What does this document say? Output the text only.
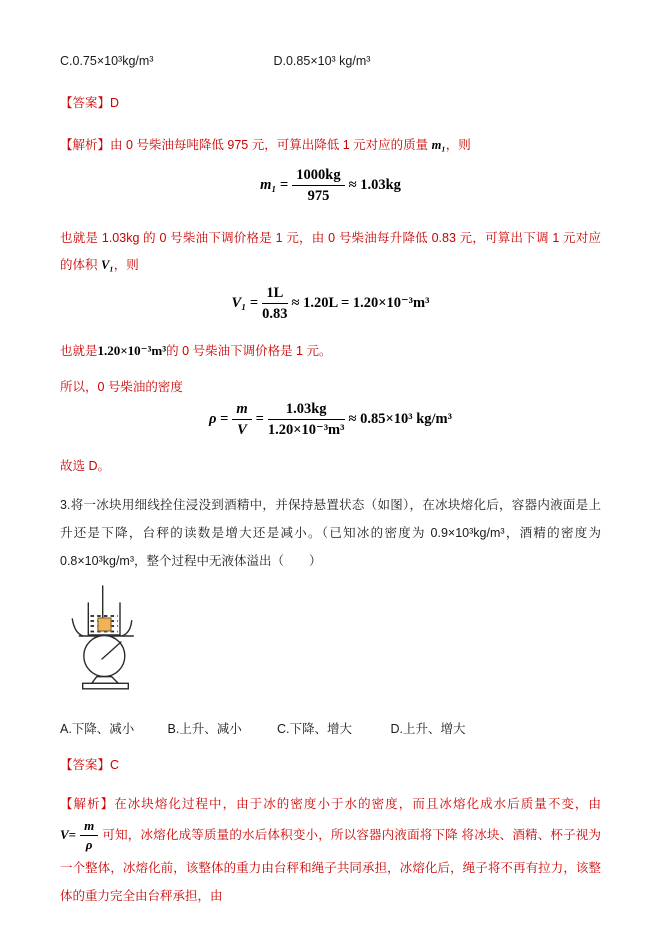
C.0.75×10³kg/m³	D.0.85×10³ kg/m³
【答案】D
【解析】由 0 号柴油每吨降低 975 元，可算出降低 1 元对应的质量 m₁，则
$m_1 = \frac{1000kg}{975} \approx 1.03kg$
也就是 1.03kg 的 0 号柴油下调价格是 1 元，由 0 号柴油每升降低 0.83 元，可算出下调 1 元对应的体积 V₁，则
$V_1 = \frac{1L}{0.83} \approx 1.20L = 1.20\times 10^{-3}m^3$
也就是1.20×10⁻³m³的 0 号柴油下调价格是 1 元。
所以，0 号柴油的密度
$\rho = \frac{m}{V} = \frac{1.03kg}{\text{1.20×10⁻³m³}} \approx 0.85\times 10^3$ kg/m³
故选 D。
3.将一冰块用细线拴住浸没到酒精中，并保持悬置状态（如图），在冰块熔化后，容器内液面是上升还是下降，台秤的读数是增大还是减小。（已知冰的密度为 0.9×10³kg/m³，酒精的密度为 0.8×10³kg/m³，整个过程中无液体溢出（　　）
A.下降、减小	B.上升、减小	C.下降、增大	D.上升、增大
【答案】C
【解析】在冰块熔化过程中，由于冰的密度小于水的密度，而且冰熔化成水后质量不变，由$V= \frac{m}{\rho}$ 可知，冰熔化成等质量的水后体积变小，所以容器内液面将下降 将冰块、酒精、杯子视为一个整体，冰熔化前，该整体的重力由台秤和绳子共同承担，冰熔化后，绳子将不再有拉力，该整体的重力完全由台秤承担，由
